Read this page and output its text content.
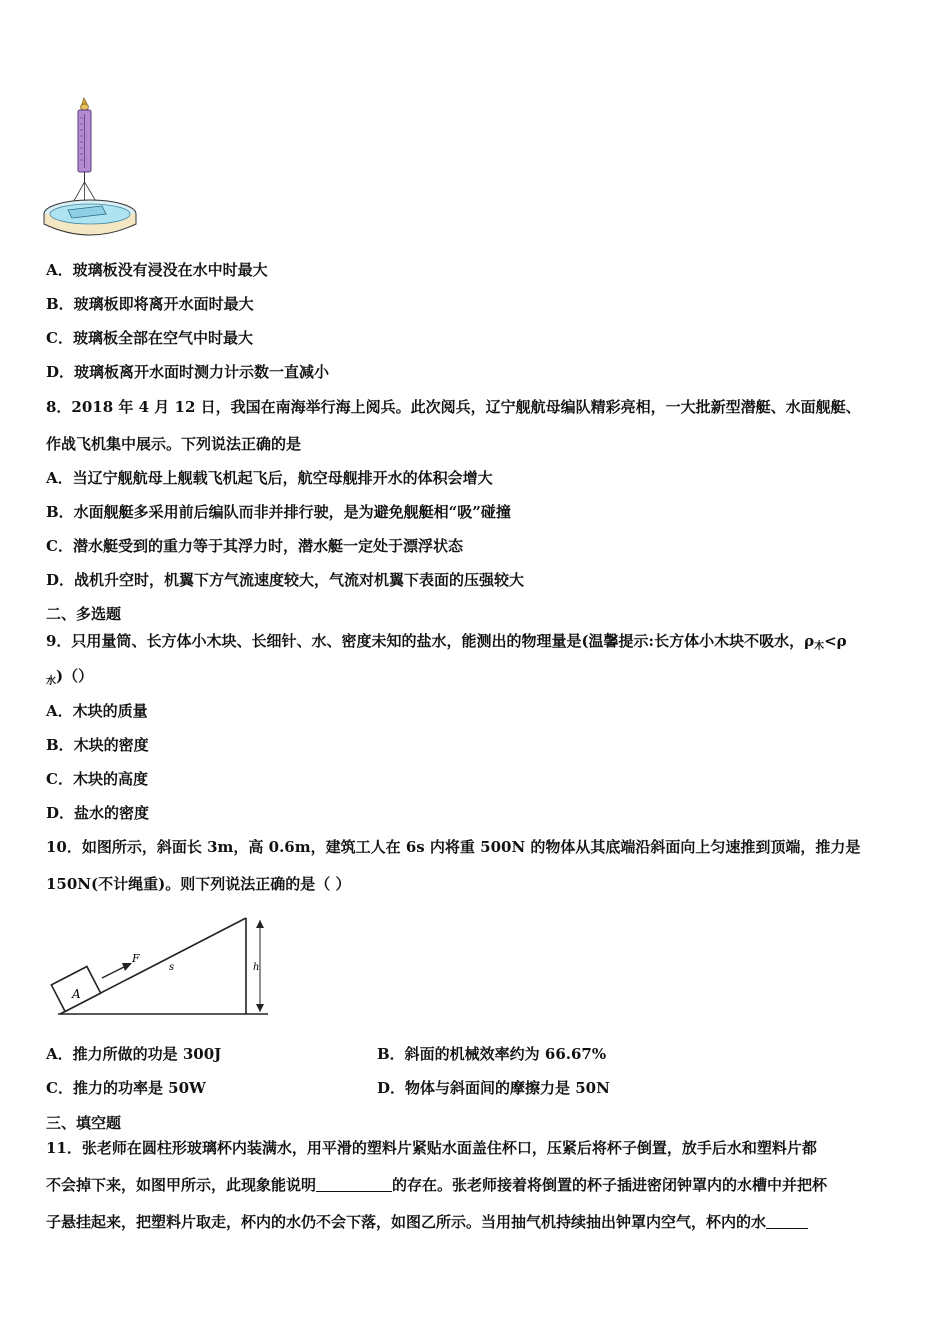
A．玻璃板没有浸没在水中时最大
B．玻璃板即将离开水面时最大
C．玻璃板全部在空气中时最大
D．玻璃板离开水面时测力计示数一直减小
8．2018 年 4 月 12 日，我国在南海举行海上阅兵。此次阅兵，辽宁舰航母编队精彩亮相，一大批新型潜艇、水面舰艇、
作战飞机集中展示。下列说法正确的是
A．当辽宁舰航母上舰载飞机起飞后，航空母舰排开水的体积会增大
B．水面舰艇多采用前后编队而非并排行驶，是为避免舰艇相“吸”碰撞
C．潜水艇受到的重力等于其浮力时，潜水艇一定处于漂浮状态
D．战机升空时，机翼下方气流速度较大，气流对机翼下表面的压强较大
二、多选题
9．只用量筒、长方体小木块、长细针、水、密度未知的盐水，能测出的物理量是(温馨提示:长方体小木块不吸水，$\rho_木<\rho$
$_水$)（）
A．木块的质量
B．木块的密度
C．木块的高度
D．盐水的密度
10．如图所示，斜面长 3m，高 0.6m，建筑工人在 6s 内将重 500N 的物体从其底端沿斜面向上匀速推到顶端，推力是
150N(不计绳重)。则下列说法正确的是（ ）
A
F
s	h
A．推力所做的功是 300J	B．斜面的机械效率约为 66.67%
C．推力的功率是 50W	D．物体与斜面间的摩擦力是 50N
三、填空题
11．张老师在圆柱形玻璃杯内装满水，用平滑的塑料片紧贴水面盖住杯口，压紧后将杯子倒置，放手后水和塑料片都
不会掉下来，如图甲所示，此现象能说明	的存在。张老师接着将倒置的杯子插进密闭钟罩内的水槽中并把杯
子悬挂起来，把塑料片取走，杯内的水仍不会下落，如图乙所示。当用抽气机持续抽出钟罩内空气，杯内的水
